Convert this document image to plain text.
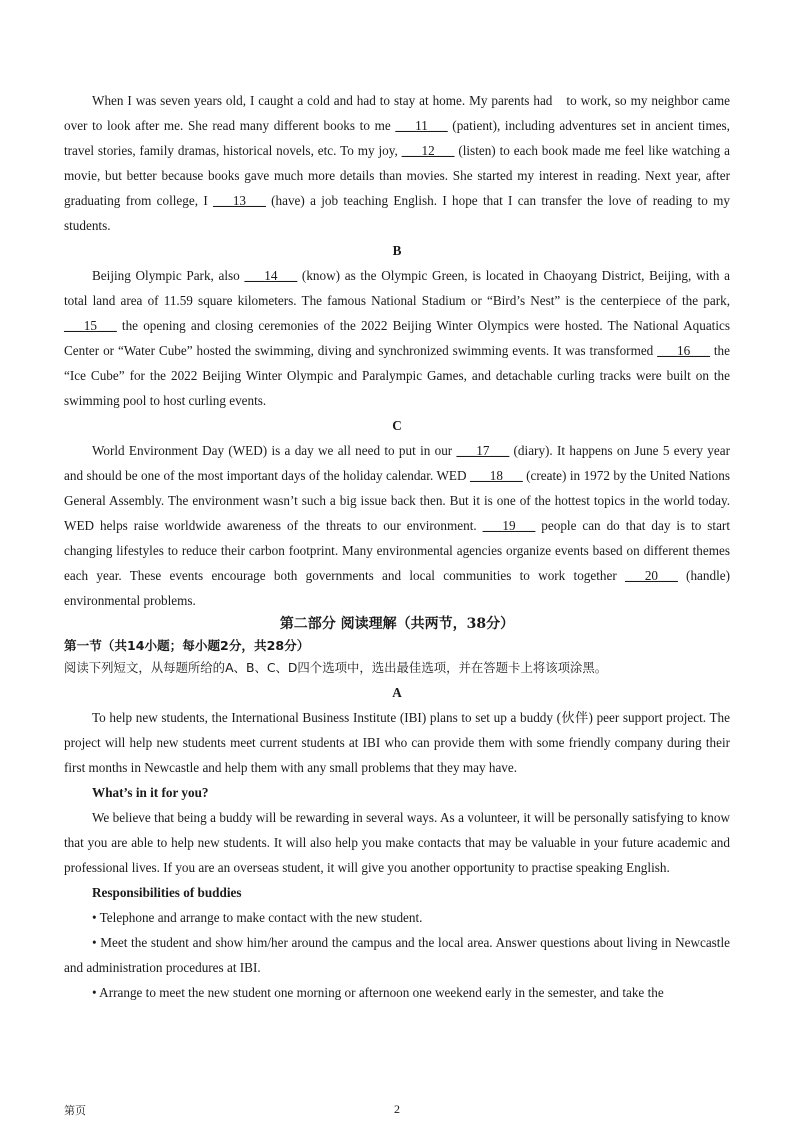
When I was seven years old, I caught a cold and had to stay at home. My parents had to work, so my neighbor came over to look after me. She read many different books to me ___11___ (patient), including adventures set in ancient times, travel stories, family dramas, historical novels, etc. To my joy, ___12___ (listen) to each book made me feel like watching a movie, but better because books gave much more details than movies. She started my interest in reading. Next year, after graduating from college, I ___13___ (have) a job teaching English. I hope that I can transfer the love of reading to my students.

B

Beijing Olympic Park, also ___14___ (know) as the Olympic Green, is located in Chaoyang District, Beijing, with a total land area of 11.59 square kilometers. The famous National Stadium or “Bird’s Nest” is the centerpiece of the park, ___15___ the opening and closing ceremonies of the 2022 Beijing Winter Olympics were hosted. The National Aquatics Center or “Water Cube” hosted the swimming, diving and synchronized swimming events. It was transformed ___16___ the “Ice Cube” for the 2022 Beijing Winter Olympic and Paralympic Games, and detachable curling tracks were built on the swimming pool to host curling events.

C

World Environment Day (WED) is a day we all need to put in our ___17___ (diary). It happens on June 5 every year and should be one of the most important days of the holiday calendar. WED ___18___ (create) in 1972 by the United Nations General Assembly. The environment wasn’t such a big issue back then. But it is one of the hottest topics in the world today. WED helps raise worldwide awareness of the threats to our environment. ___19___ people can do that day is to start changing lifestyles to reduce their carbon footprint. Many environmental agencies organize events based on different themes each year. These events encourage both governments and local communities to work together ___20___ (handle) environmental problems.

第二部分 阅读理解（共两节，38分）

第一节（共14小题；每小题2分，共28分）

阅读下列短文，从每题所给的A、B、C、D四个选项中，选出最佳选项，并在答题卡上将该项涂黑。

A

To help new students, the International Business Institute (IBI) plans to set up a buddy (伙伴) peer support project. The project will help new students meet current students at IBI who can provide them with some friendly company during their first months in Newcastle and help them with any small problems that they may have.

What’s in it for you?

We believe that being a buddy will be rewarding in several ways. As a volunteer, it will be personally satisfying to know that you are able to help new students. It will also help you make contacts that may be valuable in your future academic and professional lives. If you are an overseas student, it will give you another opportunity to practise speaking English.

Responsibilities of buddies

• Telephone and arrange to make contact with the new student.

• Meet the student and show him/her around the campus and the local area. Answer questions about living in Newcastle and administration procedures at IBI.

• Arrange to meet the new student one morning or afternoon one weekend early in the semester, and take the

第页	2
